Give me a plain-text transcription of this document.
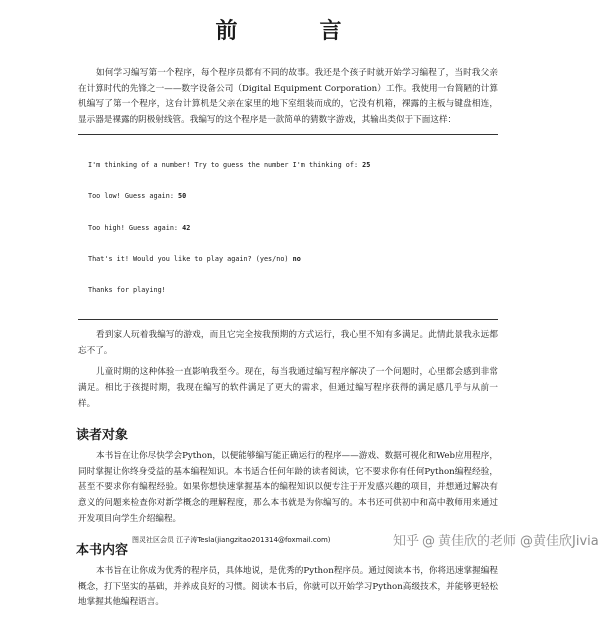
前　言

如何学习编写第一个程序，每个程序员都有不同的故事。我还是个孩子时就开始学习编程了，当时我父亲在计算时代的先锋之一——数字设备公司（Digital Equipment Corporation）工作。我使用一台简陋的计算机编写了第一个程序，这台计算机是父亲在家里的地下室组装而成的，它没有机箱，裸露的主板与键盘相连，显示器是裸露的阴极射线管。我编写的这个程序是一款简单的猜数字游戏，其输出类似于下面这样：

I'm thinking of a number! Try to guess the number I'm thinking of: 25

Too low! Guess again: 50

Too high! Guess again: 42

That's it! Would you like to play again? (yes/no) no

Thanks for playing!

看到家人玩着我编写的游戏，而且它完全按我预期的方式运行，我心里不知有多满足。此情此景我永远都忘不了。

儿童时期的这种体验一直影响我至今。现在，每当我通过编写程序解决了一个问题时，心里都会感到非常满足。相比于孩提时期，我现在编写的软件满足了更大的需求，但通过编写程序获得的满足感几乎与从前一样。

读者对象

本书旨在让你尽快学会Python，以便能够编写能正确运行的程序——游戏、数据可视化和Web应用程序，同时掌握让你终身受益的基本编程知识。本书适合任何年龄的读者阅读，它不要求你有任何Python编程经验，甚至不要求你有编程经验。如果你想快速掌握基本的编程知识以便专注于开发感兴趣的项目，并想通过解决有意义的问题来检查你对新学概念的理解程度，那么本书就是为你编写的。本书还可供初中和高中教师用来通过开发项目向学生介绍编程。

本书内容

本书旨在让你成为优秀的程序员，具体地说，是优秀的Python程序员。通过阅读本书，你将迅速掌握编程概念，打下坚实的基础，并养成良好的习惯。阅读本书后，你就可以开始学习Python高级技术，并能够更轻松地掌握其他编程语言。

图灵社区会员 江子涛Tesla(jiangzitao201314@foxmail.com)	知乎 @ 黄佳欣的老师 @黄佳欣Jivia
